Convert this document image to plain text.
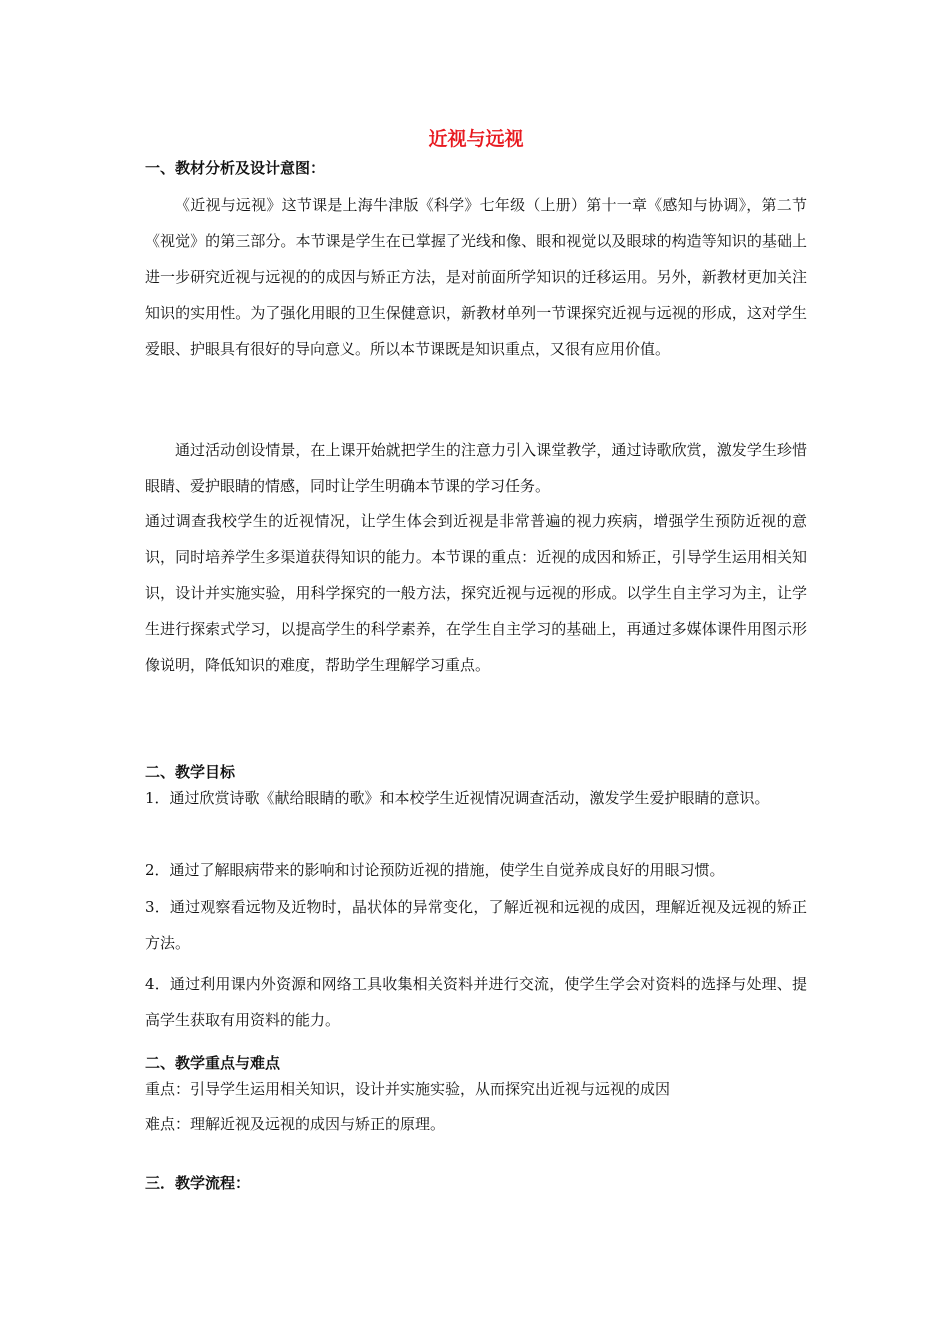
近视与远视
一、教材分析及设计意图：

《近视与远视》这节课是上海牛津版《科学》七年级（上册）第十一章《感知与协调》，第二节《视觉》的第三部分。本节课是学生在已掌握了光线和像、眼和视觉以及眼球的构造等知识的基础上进一步研究近视与远视的的成因与矫正方法，是对前面所学知识的迁移运用。另外，新教材更加关注知识的实用性。为了强化用眼的卫生保健意识，新教材单列一节课探究近视与远视的形成，这对学生爱眼、护眼具有很好的导向意义。所以本节课既是知识重点，又很有应用价值。

通过活动创设情景，在上课开始就把学生的注意力引入课堂教学，通过诗歌欣赏，激发学生珍惜眼睛、爱护眼睛的情感，同时让学生明确本节课的学习任务。

通过调查我校学生的近视情况，让学生体会到近视是非常普遍的视力疾病，增强学生预防近视的意识，同时培养学生多渠道获得知识的能力。本节课的重点：近视的成因和矫正，引导学生运用相关知识，设计并实施实验，用科学探究的一般方法，探究近视与远视的形成。以学生自主学习为主，让学生进行探索式学习，以提高学生的科学素养，在学生自主学习的基础上，再通过多媒体课件用图示形像说明，降低知识的难度，帮助学生理解学习重点。

二、教学目标

1．通过欣赏诗歌《献给眼睛的歌》和本校学生近视情况调查活动，激发学生爱护眼睛的意识。

2．通过了解眼病带来的影响和讨论预防近视的措施，使学生自觉养成良好的用眼习惯。

3．通过观察看远物及近物时，晶状体的异常变化，了解近视和远视的成因，理解近视及远视的矫正方法。

4．通过利用课内外资源和网络工具收集相关资料并进行交流，使学生学会对资料的选择与处理、提高学生获取有用资料的能力。

二、教学重点与难点

重点：引导学生运用相关知识，设计并实施实验，从而探究出近视与远视的成因

难点：理解近视及远视的成因与矫正的原理。

三．教学流程：
